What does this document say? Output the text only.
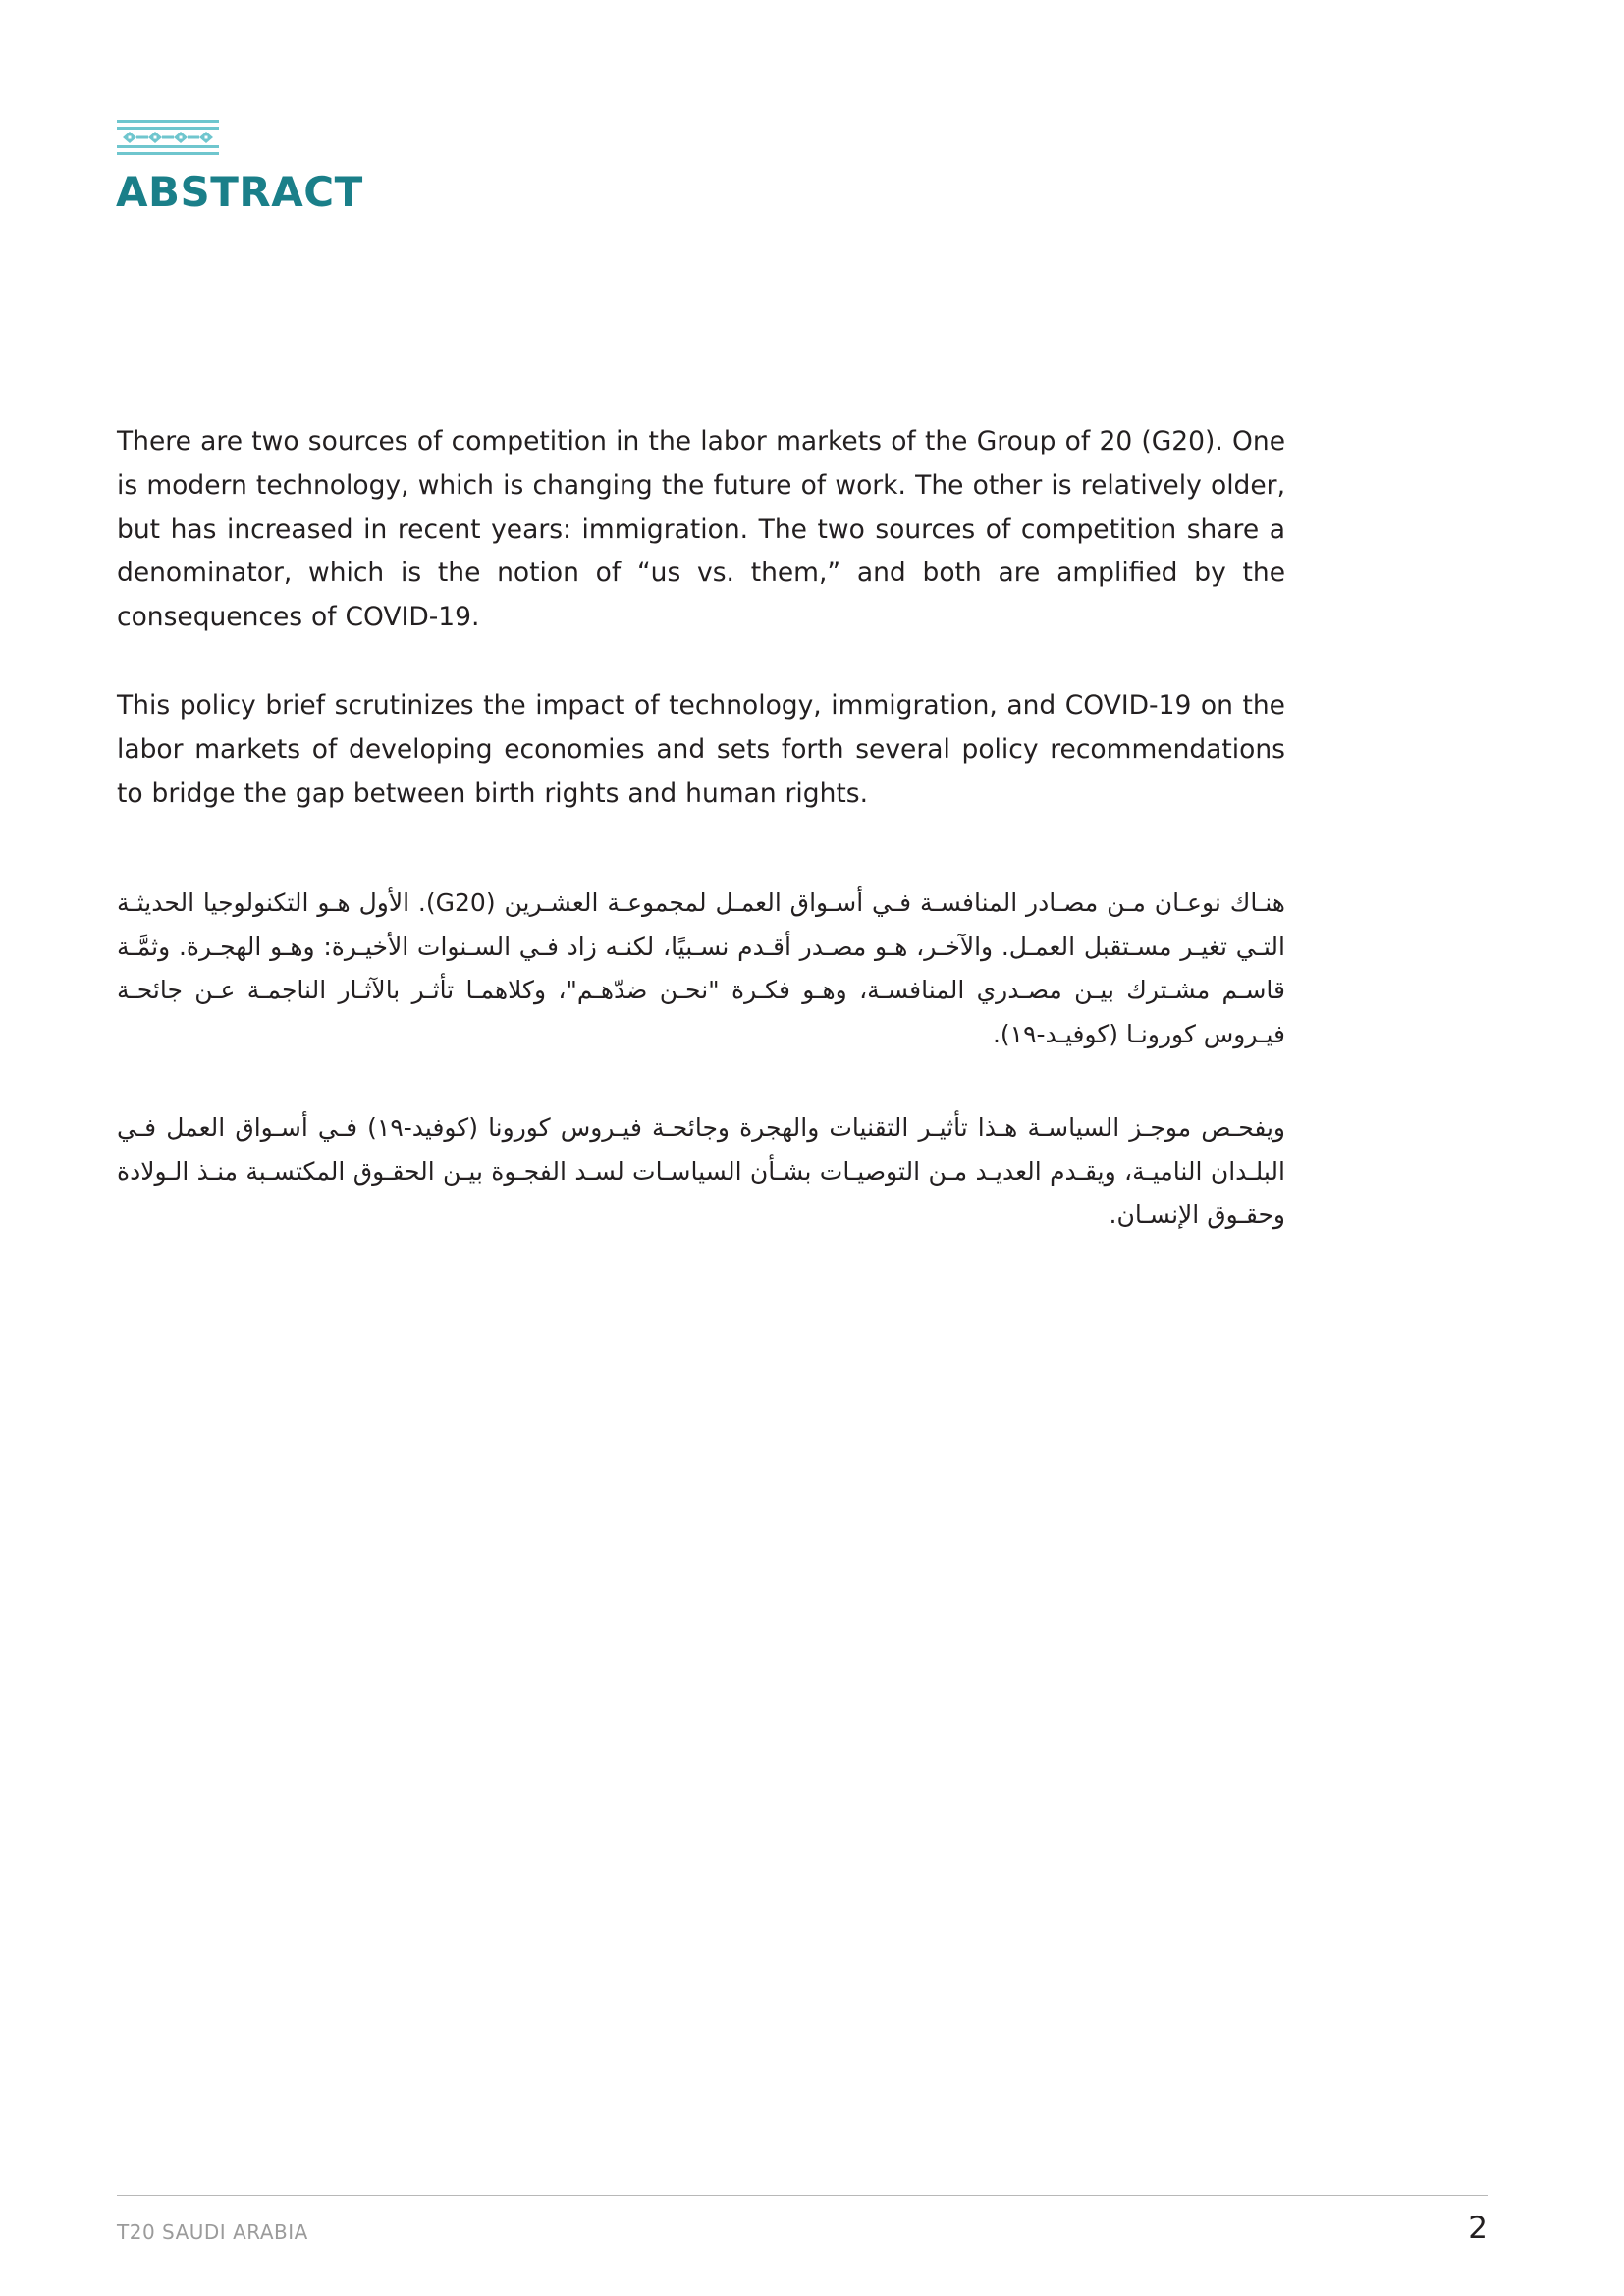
ABSTRACT

There are two sources of competition in the labor markets of the Group of 20 (G20). One is modern technology, which is changing the future of work. The other is relatively older, but has increased in recent years: immigration. The two sources of competition share a denominator, which is the notion of “us vs. them,” and both are amplified by the consequences of COVID-19.

This policy brief scrutinizes the impact of technology, immigration, and COVID-19 on the labor markets of developing economies and sets forth several policy recommendations to bridge the gap between birth rights and human rights.

هنـاك نوعـان مـن مصـادر المنافسـة فـي أسـواق العمـل لمجموعـة العشـرين (G20). الأول هـو التكنولوجيا الحديثـة التـي تغيـر مسـتقبل العمـل. والآخـر، هـو مصـدر أقـدم نسـبيًا، لكنـه زاد فـي السـنوات الأخيـرة: وهـو الهجـرة. وثمَّـة قاسـم مشـترك بيـن مصـدري المنافسـة، وهـو فكـرة "نحـن ضدّهـم"، وكلاهمـا تأثـر بالآثـار الناجمـة عـن جائحـة فيـروس كورونـا (كوفيـد-١٩).

ويفحـص موجـز السياسـة هـذا تأثيـر التقنيات والهجرة وجائحـة فيـروس كورونا (كوفيد-١٩) فـي أسـواق العمل فـي البلـدان الناميـة، ويقـدم العديـد مـن التوصيـات بشـأن السياسـات لسـد الفجـوة بيـن الحقـوق المكتسـبة منـذ الـولادة وحقـوق الإنسـان.

T20 SAUDI ARABIA	2
